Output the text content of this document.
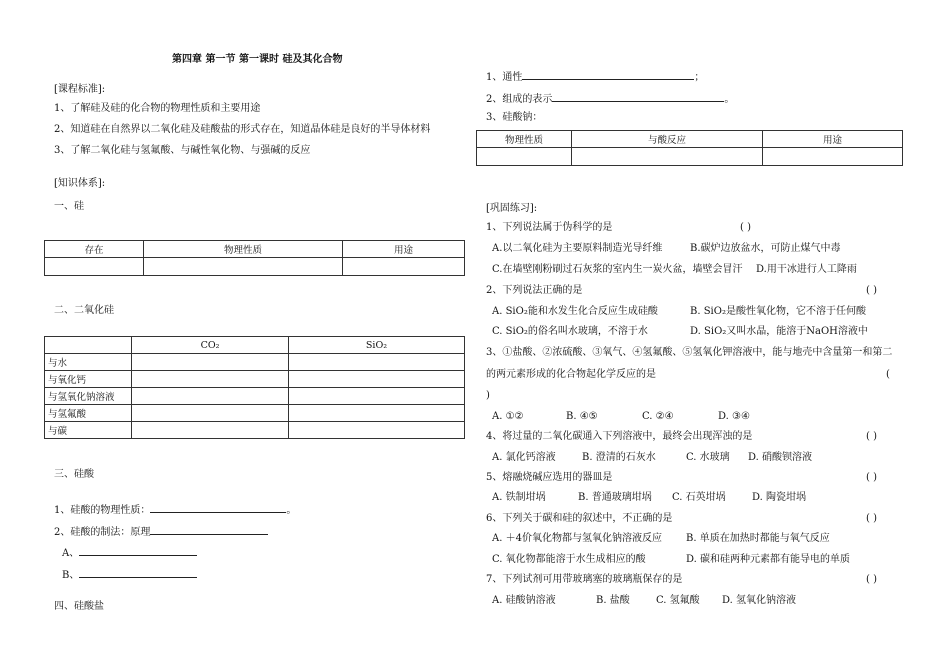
第四章 第一节 第一课时 硅及其化合物
[课程标准]:
1、了解硅及硅的化合物的物理性质和主要用途
2、知道硅在自然界以二氧化硅及硅酸盐的形式存在，知道晶体硅是良好的半导体材料
3、了解二氧化硅与氢氟酸、与碱性氧化物、与强碱的反应
[知识体系]:
一、硅
存在	物理性质	用途

二、二氧化硅
	CO₂	SiO₂
与水		
与氧化钙		
与氢氧化钠溶液		
与氢氟酸		
与碳		
三、硅酸
1、硅酸的物理性质：	。
2、硅酸的制法：原理
A、
B、
四、硅酸盐
1、通性	；
2、组成的表示	。
3、硅酸钠：
物理性质	与酸反应	用途

[巩固练习]:
1、下列说法属于伪科学的是	( )
A.以二氧化硅为主要原料制造光导纤维	B.碳炉边放盆水，可防止煤气中毒
C.在墙壁刚粉刷过石灰浆的室内生一炭火盆，墙壁会冒汗 D.用干冰进行人工降雨
2、下列说法正确的是	( )
A. SiO₂能和水发生化合反应生成硅酸	B. SiO₂是酸性氧化物，它不溶于任何酸
C. SiO₂的俗名叫水玻璃，不溶于水	D. SiO₂又叫水晶，能溶于NaOH溶液中
3、①盐酸、②浓硫酸、③氧气、④氢氟酸、⑤氢氧化钾溶液中，能与地壳中含量第一和第二
的两元素形成的化合物起化学反应的是	(
)
A. ①②	B. ④⑤	C. ②④	D. ③④
4、将过量的二氧化碳通入下列溶液中，最终会出现浑浊的是	( )
A. 氯化钙溶液	B. 澄清的石灰水	C. 水玻璃 D. 硝酸钡溶液
5、熔融烧碱应选用的器皿是	( )
A. 铁制坩埚	B. 普通玻璃坩埚 C. 石英坩埚	D. 陶瓷坩埚
6、下列关于碳和硅的叙述中，不正确的是	( )
A. ＋4价氧化物都与氢氧化钠溶液反应 B. 单质在加热时都能与氧气反应
C. 氧化物都能溶于水生成相应的酸	D. 碳和硅两种元素都有能导电的单质
7、下列试剂可用带玻璃塞的玻璃瓶保存的是	( )
A. 硅酸钠溶液	B. 盐酸	C. 氢氟酸 D. 氢氧化钠溶液
